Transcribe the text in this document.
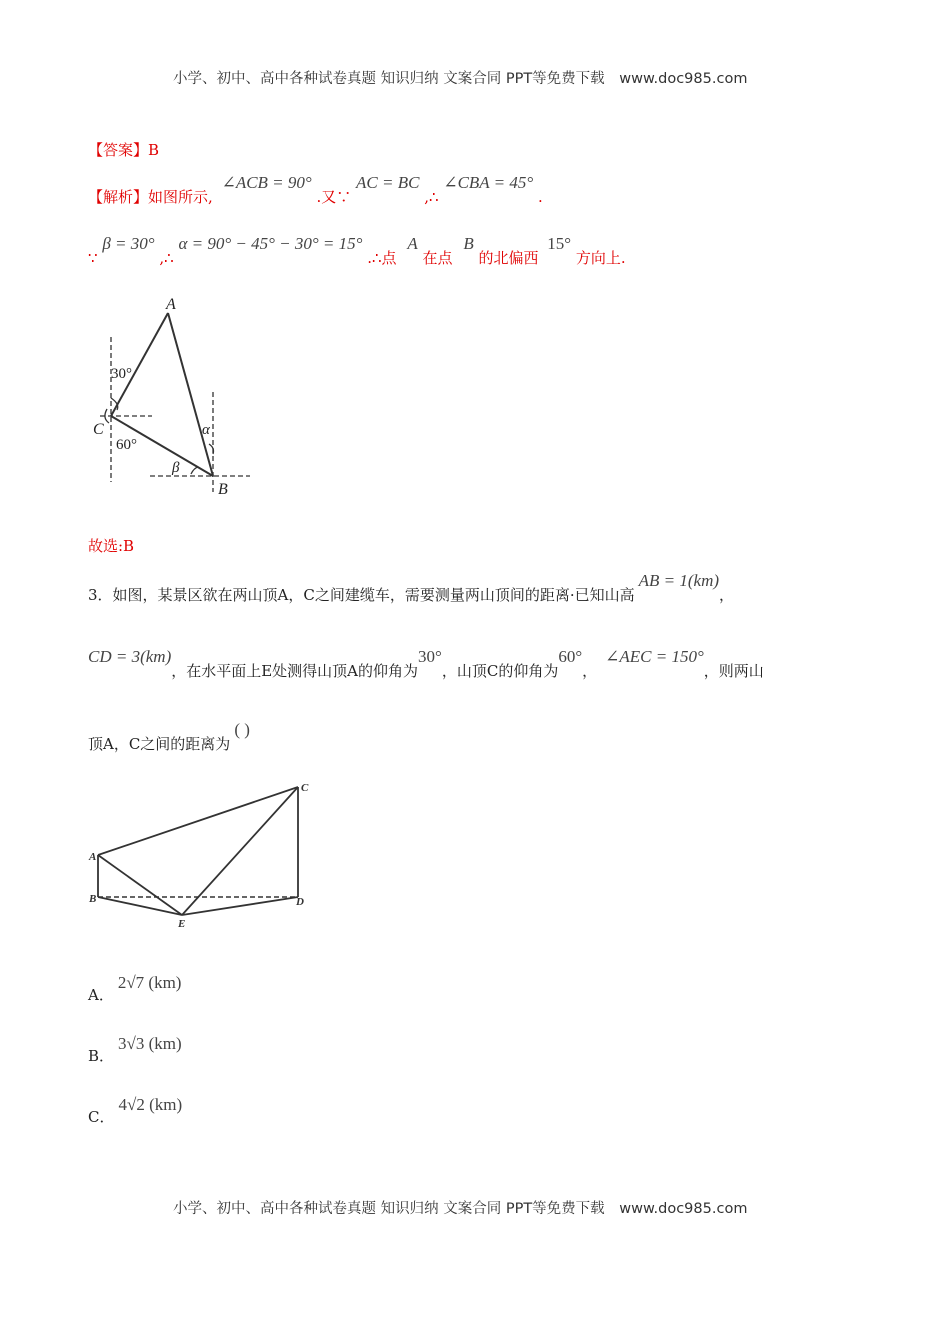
小学、初中、高中各种试卷真题 知识归纳 文案合同 PPT等免费下载 www.doc985.com
【答案】B
【解析】如图所示, ∠ACB = 90° .又∵ AC = BC ,∴ ∠CBA = 45° .
∵ β = 30° ,∴ α = 90° − 45° − 30° = 15° .∴点 A 在点 B 的北偏西 15° 方向上.
A
C
B
30°
60°
α
β
故选:B
3．如图，某景区欲在两山顶A，C之间建缆车，需要测量两山顶间的距离·已知山高AB = 1(km)，
CD = 3(km)，在水平面上E处测得山顶A的仰角为30°，山顶C的仰角为60°，∠AEC = 150°，则两山
顶A，C之间的距离为( )
A
B
C
D
E
A．2√7 (km)
B．3√3 (km)
C．4√2 (km)
小学、初中、高中各种试卷真题 知识归纳 文案合同 PPT等免费下载 www.doc985.com
